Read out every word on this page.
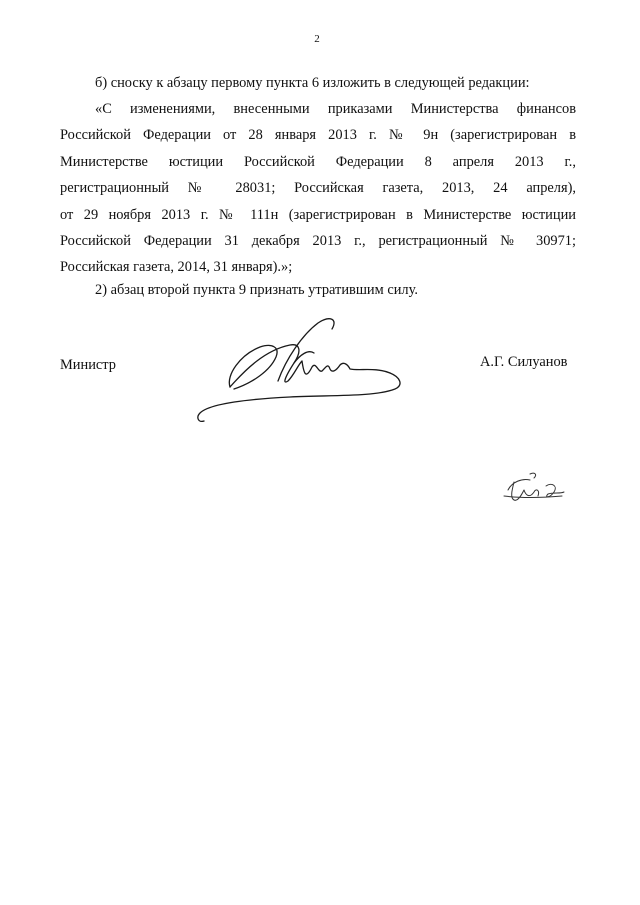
2

б) сноску к абзацу первому пункта 6 изложить в следующей редакции:

«С изменениями, внесенными приказами Министерства финансов
Российской Федерации от 28 января 2013 г. № 9н (зарегистрирован в
Министерстве юстиции Российской Федерации 8 апреля 2013 г.,
регистрационный № 28031; Российская газета, 2013, 24 апреля),
от 29 ноября 2013 г. № 111н (зарегистрирован в Министерстве юстиции
Российской Федерации 31 декабря 2013 г., регистрационный № 30971;
Российская газета, 2014, 31 января).»;

2) абзац второй пункта 9 признать утратившим силу.

Министр	А.Г. Силуанов
